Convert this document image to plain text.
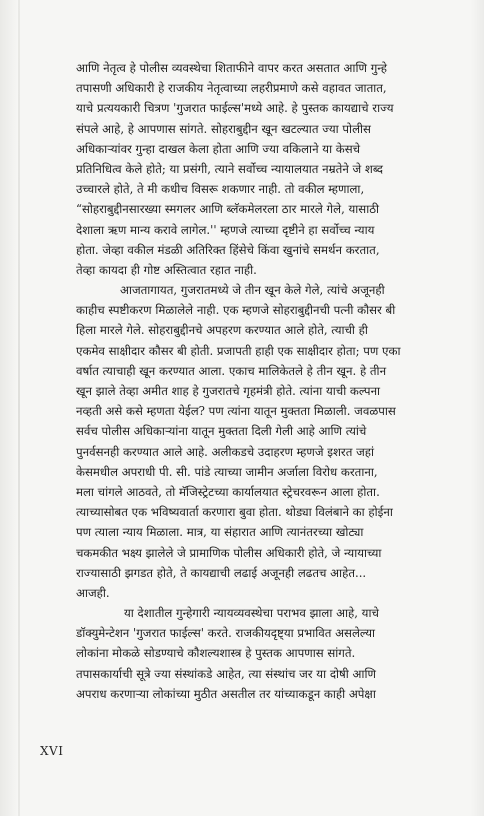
आणि नेतृत्व हे पोलीस व्यवस्थेचा शिताफीने वापर करत असतात आणि गुन्हे
तपासणी अधिकारी हे राजकीय नेतृत्वाच्या लहरीप्रमाणे कसे वहावत जातात,
याचे प्रत्ययकारी चित्रण 'गुजरात फाईल्स'मध्ये आहे. हे पुस्तक कायद्याचे राज्य
संपले आहे, हे आपणास सांगते. सोहराबुद्दीन खून खटल्यात ज्या पोलीस
अधिकाऱ्यांवर गुन्हा दाखल केला होता आणि ज्या वकिलाने या केसचे
प्रतिनिधित्व केले होते; या प्रसंगी, त्याने सर्वोच्च न्यायालयात नम्रतेने जे शब्द
उच्चारले होते, ते मी कधीच विसरू शकणार नाही. तो वकील म्हणाला,
“सोहराबुद्दीनसारख्या स्मगलर आणि ब्लॅकमेलरला ठार मारले गेले, यासाठी
देशाला ऋण मान्य करावे लागेल.'' म्हणजे त्याच्या दृष्टीने हा सर्वोच्च न्याय
होता. जेव्हा वकील मंडळी अतिरिक्त हिंसेचे किंवा खुनांचे समर्थन करतात,
तेव्हा कायदा ही गोष्ट अस्तित्वात रहात नाही.
आजतागायत, गुजरातमध्ये जे तीन खून केले गेले, त्यांचे अजूनही
काहीच स्पष्टीकरण मिळालेले नाही. एक म्हणजे सोहराबुद्दीनची पत्नी कौसर बी
हिला मारले गेले. सोहराबुद्दीनचे अपहरण करण्यात आले होते, त्याची ही
एकमेव साक्षीदार कौसर बी होती. प्रजापती हाही एक साक्षीदार होता; पण एका
वर्षात त्याचाही खून करण्यात आला. एकाच मालिकेतले हे तीन खून. हे तीन
खून झाले तेव्हा अमीत शाह हे गुजरातचे गृहमंत्री होते. त्यांना याची कल्पना
नव्हती असे कसे म्हणता येईल? पण त्यांना यातून मुक्तता मिळाली. जवळपास
सर्वच पोलीस अधिकाऱ्यांना यातून मुक्तता दिली गेली आहे आणि त्यांचे
पुनर्वसनही करण्यात आले आहे. अलीकडचे उदाहरण म्हणजे इशरत जहां
केसमधील अपराधी पी. सी. पांडे त्याच्या जामीन अर्जाला विरोध करताना,
मला चांगले आठवते, तो मॅजिस्ट्रेटच्या कार्यालयात स्ट्रेचरवरून आला होता.
त्याच्यासोबत एक भविष्यवार्ता करणारा बुवा होता. थोड्या विलंबाने का होईना
पण त्याला न्याय मिळाला. मात्र, या संहारात आणि त्यानंतरच्या खोट्या
चकमकीत भक्ष्य झालेले जे प्रामाणिक पोलीस अधिकारी होते, जे न्यायाच्या
राज्यासाठी झगडत होते, ते कायद्याची लढाई अजूनही लढतच आहेत...
आजही.
या देशातील गुन्हेगारी न्यायव्यवस्थेचा पराभव झाला आहे, याचे
डॉक्युमेन्टेशन 'गुजरात फाईल्स' करते. राजकीयदृष्ट्या प्रभावित असलेल्या
लोकांना मोकळे सोडण्याचे कौशल्यशास्त्र हे पुस्तक आपणास सांगते.
तपासकार्याची सूत्रे ज्या संस्थांकडे आहेत, त्या संस्थांच जर या दोषी आणि
अपराध करणाऱ्या लोकांच्या मुठीत असतील तर यांच्याकडून काही अपेक्षा
XVI
